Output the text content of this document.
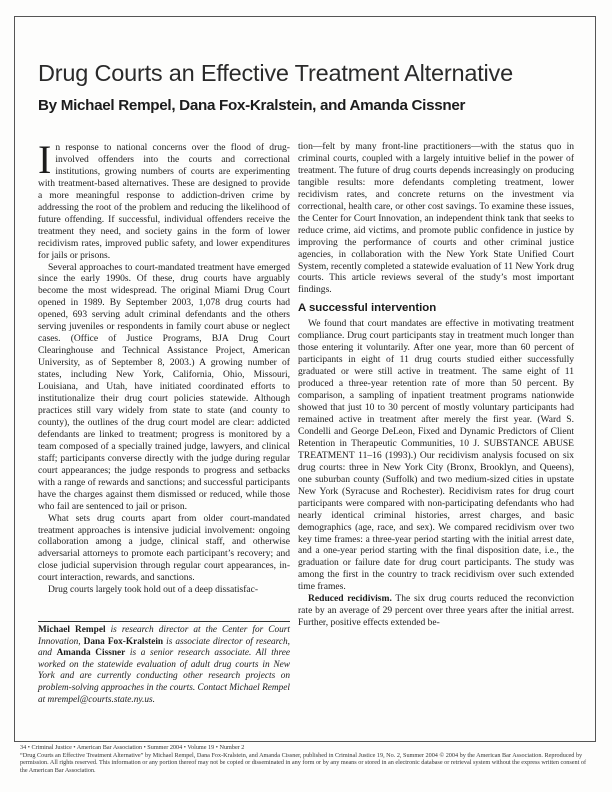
Drug Courts an Effective Treatment Alternative
By Michael Rempel, Dana Fox-Kralstein, and Amanda Cissner

In response to national concerns over the flood of drug-involved offenders into the courts and correctional institutions, growing numbers of courts are experimenting with treatment-based alternatives. These are designed to provide a more meaningful response to addiction-driven crime by addressing the root of the problem and reducing the likelihood of future offending. If successful, individual offenders receive the treatment they need, and society gains in the form of lower recidivism rates, improved public safety, and lower expenditures for jails or prisons.

Several approaches to court-mandated treatment have emerged since the early 1990s. Of these, drug courts have arguably become the most widespread. The original Miami Drug Court opened in 1989. By September 2003, 1,078 drug courts had opened, 693 serving adult criminal defendants and the others serving juveniles or respondents in family court abuse or neglect cases. (Office of Justice Programs, BJA Drug Court Clearinghouse and Technical Assistance Project, American University, as of September 8, 2003.) A growing number of states, including New York, California, Ohio, Missouri, Louisiana, and Utah, have initiated coordinated efforts to institutionalize their drug court policies statewide. Although practices still vary widely from state to state (and county to county), the outlines of the drug court model are clear: addicted defendants are linked to treatment; progress is monitored by a team composed of a specially trained judge, lawyers, and clinical staff; participants converse directly with the judge during regular court appearances; the judge responds to progress and setbacks with a range of rewards and sanctions; and successful participants have the charges against them dismissed or reduced, while those who fail are sentenced to jail or prison.

What sets drug courts apart from older court-mandated treatment approaches is intensive judicial involvement: ongoing collaboration among a judge, clinical staff, and otherwise adversarial attorneys to promote each participant’s recovery; and close judicial supervision through regular court appearances, in-court interaction, rewards, and sanctions.

Drug courts largely took hold out of a deep dissatisfac-

Michael Rempel is research director at the Center for Court Innovation, Dana Fox-Kralstein is associate director of research, and Amanda Cissner is a senior research associate. All three worked on the statewide evaluation of adult drug courts in New York and are currently conducting other research projects on problem-solving approaches in the courts. Contact Michael Rempel at mrempel@courts.state.ny.us.

tion—felt by many front-line practitioners—with the status quo in criminal courts, coupled with a largely intuitive belief in the power of treatment. The future of drug courts depends increasingly on producing tangible results: more defendants completing treatment, lower recidivism rates, and concrete returns on the investment via correctional, health care, or other cost savings. To examine these issues, the Center for Court Innovation, an independent think tank that seeks to reduce crime, aid victims, and promote public confidence in justice by improving the performance of courts and other criminal justice agencies, in collaboration with the New York State Unified Court System, recently completed a statewide evaluation of 11 New York drug courts. This article reviews several of the study’s most important findings.

A successful intervention

We found that court mandates are effective in motivating treatment compliance. Drug court participants stay in treatment much longer than those entering it voluntarily. After one year, more than 60 percent of participants in eight of 11 drug courts studied either successfully graduated or were still active in treatment. The same eight of 11 produced a three-year retention rate of more than 50 percent. By comparison, a sampling of inpatient treatment programs nationwide showed that just 10 to 30 percent of mostly voluntary participants had remained active in treatment after merely the first year. (Ward S. Condelli and George DeLeon, Fixed and Dynamic Predictors of Client Retention in Therapeutic Communities, 10 J. SUBSTANCE ABUSE TREATMENT 11–16 (1993).) Our recidivism analysis focused on six drug courts: three in New York City (Bronx, Brooklyn, and Queens), one suburban county (Suffolk) and two medium-sized cities in upstate New York (Syracuse and Rochester). Recidivism rates for drug court participants were compared with non-participating defendants who had nearly identical criminal histories, arrest charges, and basic demographics (age, race, and sex). We compared recidivism over two key time frames: a three-year period starting with the initial arrest date, and a one-year period starting with the final disposition date, i.e., the graduation or failure date for drug court participants. The study was among the first in the country to track recidivism over such extended time frames.

Reduced recidivism. The six drug courts reduced the reconviction rate by an average of 29 percent over three years after the initial arrest. Further, positive effects extended be-

34 • Criminal Justice • American Bar Association • Summer 2004 • Volume 19 • Number 2
“Drug Courts an Effective Treatment Alternative” by Michael Rempel, Dana Fox-Kralstein, and Amanda Cissner, published in Criminal Justice 19, No. 2, Summer 2004 © 2004 by the American Bar Association. Reproduced by permission. All rights reserved. This information or any portion thereof may not be copied or disseminated in any form or by any means or stored in an electronic database or retrieval system without the express written consent of the American Bar Association.
